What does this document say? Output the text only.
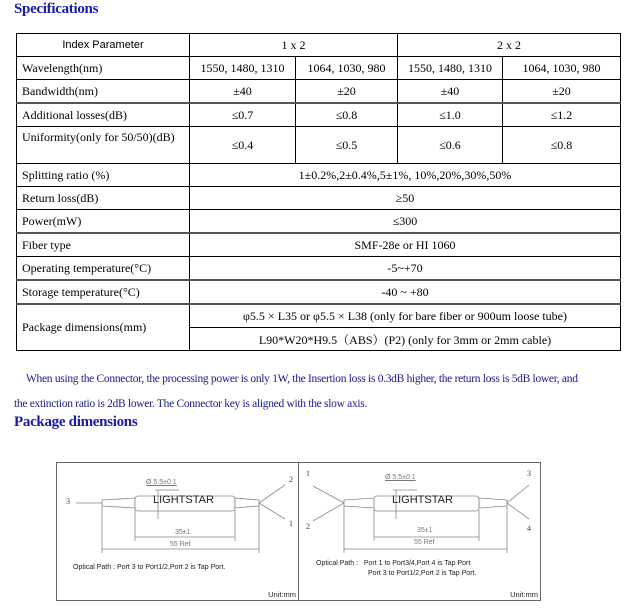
Specifications
Index Parameter	1 x 2		2 x 2	
Wavelength(nm)	1550, 1480, 1310	1064, 1030, 980	1550, 1480, 1310	1064, 1030, 980
Bandwidth(nm)	±40	±20	±40	±20
Additional losses(dB)	≤0.7	≤0.8	≤1.0	≤1.2
Uniformity(only for 50/50)(dB)	≤0.4	≤0.5	≤0.6	≤0.8
Splitting ratio (%)	1±0.2%,2±0.4%,5±1%, 10%,20%,30%,50%			
Return loss(dB)	≥50			
Power(mW)	≤300			
Fiber type	SMF-28e or HI 1060			
Operating temperature(°C)	-5~+70			
Storage temperature(°C)	-40 ~ +80			
Package dimensions(mm)	φ5.5 × L35 or φ5.5 × L38 (only for bare fiber or 900um loose tube)			
	L90*W20*H9.5（ABS）(P2) (only for 3mm or 2mm cable)			
When using the Connector, the processing power is only 1W, the Insertion loss is 0.3dB higher, the return loss is 5dB lower, and
the extinction ratio is 2dB lower. The Connector key is aligned with the slow axis.
Package dimensions
3
2
1
Ø 5.5±0.1
LIGHTSTAR
35±1
55 Ref
Optical Path : Port 3 to Port1/2,Port 2 is Tap Port.
Unit:mm
1
2
3
4
Ø 5.5±0.1
LIGHTSTAR
35±1
55 Ref
Optical Path :   Port 1 to Port3/4,Port 4 is Tap Port
Port 3 to Port1/2,Port 2 is Tap Port.
Unit:mm
